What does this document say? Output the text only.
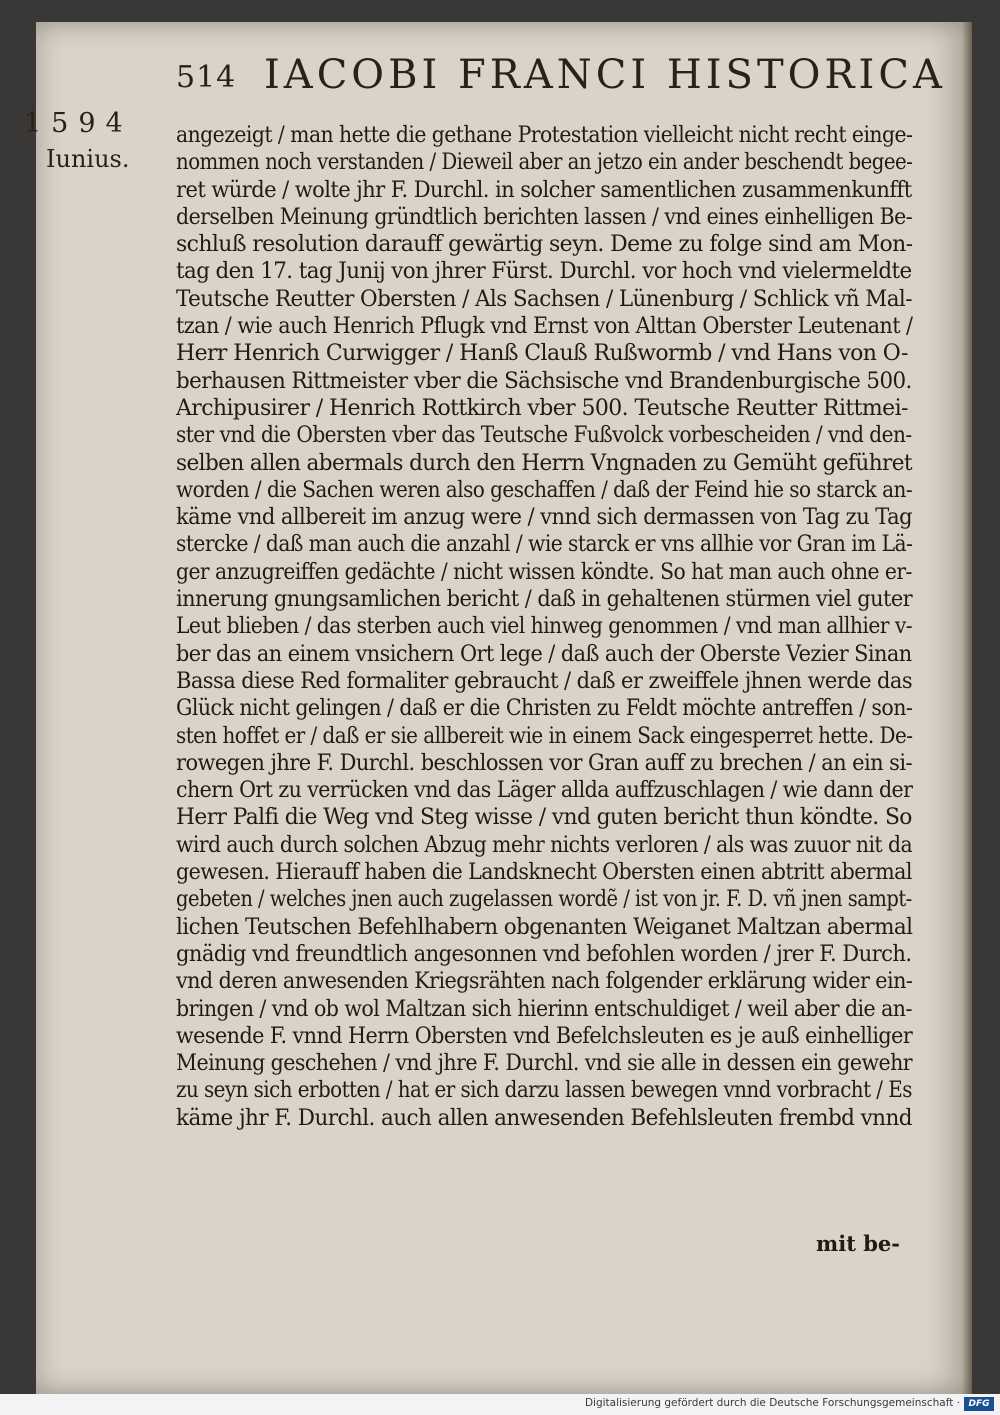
514 IACOBI FRANCI HISTORICA
1594
Iunius.
angezeigt / man hette die gethane Protestation vielleicht nicht recht einge-
nommen noch verstanden / Dieweil aber an jetzo ein ander beschendt begee-
ret würde / wolte jhr F. Durchl. in solcher samentlichen zusammenkunfft
derselben Meinung gründtlich berichten lassen / vnd eines einhelligen Be-
schluß resolution darauff gewärtig seyn. Deme zu folge sind am Mon-
tag den 17. tag Junij von jhrer Fürst. Durchl. vor hoch vnd vielermeldte
Teutsche Reutter Obersten / Als Sachsen / Lünenburg / Schlick vñ Mal-
tzan / wie auch Henrich Pflugk vnd Ernst von Alttan Oberster Leutenant /
Herr Henrich Curwigger / Hanß Clauß Rußwormb / vnd Hans von O-
berhausen Rittmeister vber die Sächsische vnd Brandenburgische 500.
Archipusirer / Henrich Rottkirch vber 500. Teutsche Reutter Rittmei-
ster vnd die Obersten vber das Teutsche Fußvolck vorbescheiden / vnd den-
selben allen abermals durch den Herrn Vngnaden zu Gemüht geführet
worden / die Sachen weren also geschaffen / daß der Feind hie so starck an-
käme vnd allbereit im anzug were / vnnd sich dermassen von Tag zu Tag
stercke / daß man auch die anzahl / wie starck er vns allhie vor Gran im Lä-
ger anzugreiffen gedächte / nicht wissen köndte. So hat man auch ohne er-
innerung gnungsamlichen bericht / daß in gehaltenen stürmen viel guter
Leut blieben / das sterben auch viel hinweg genommen / vnd man allhier v-
ber das an einem vnsichern Ort lege / daß auch der Oberste Vezier Sinan
Bassa diese Red formaliter gebraucht / daß er zweiffele jhnen werde das
Glück nicht gelingen / daß er die Christen zu Feldt möchte antreffen / son-
sten hoffet er / daß er sie allbereit wie in einem Sack eingesperret hette. De-
rowegen jhre F. Durchl. beschlossen vor Gran auff zu brechen / an ein si-
chern Ort zu verrücken vnd das Läger allda auffzuschlagen / wie dann der
Herr Palfi die Weg vnd Steg wisse / vnd guten bericht thun köndte. So
wird auch durch solchen Abzug mehr nichts verloren / als was zuuor nit da
gewesen. Hierauff haben die Landsknecht Obersten einen abtritt abermal
gebeten / welches jnen auch zugelassen wordẽ / ist von jr. F. D. vñ jnen sampt-
lichen Teutschen Befehlhabern obgenanten Weiganet Maltzan abermal
gnädig vnd freundtlich angesonnen vnd befohlen worden / jrer F. Durch.
vnd deren anwesenden Kriegsrähten nach folgender erklärung wider ein-
bringen / vnd ob wol Maltzan sich hierinn entschuldiget / weil aber die an-
wesende F. vnnd Herrn Obersten vnd Befelchsleuten es je auß einhelliger
Meinung geschehen / vnd jhre F. Durchl. vnd sie alle in dessen ein gewehr
zu seyn sich erbotten / hat er sich darzu lassen bewegen vnnd vorbracht / Es
käme jhr F. Durchl. auch allen anwesenden Befehlsleuten frembd vnnd
mit be-
Digitalisierung gefördert durch die Deutsche Forschungsgemeinschaft · DFG
